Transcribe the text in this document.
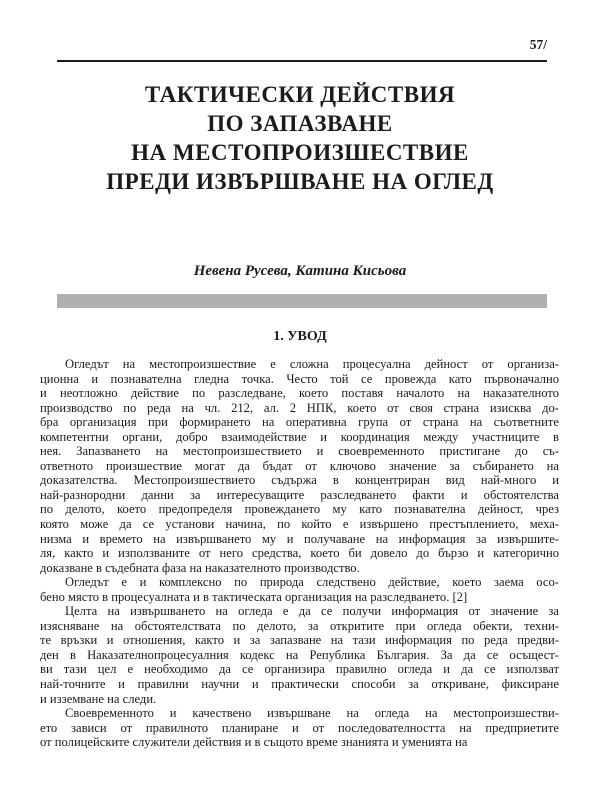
57/
ТАКТИЧЕСКИ ДЕЙСТВИЯ
ПО ЗАПАЗВАНЕ
НА МЕСТОПРОИЗШЕСТВИЕ
ПРЕДИ ИЗВЪРШВАНЕ НА ОГЛЕД
Невена Русева, Катина Кисьова
1. УВОД
Огледът на местопроизшествие е сложна процесуална дейност от организа-
ционна и познавателна гледна точка. Често той се провежда като първоначално
и неотложно действие по разследване, което поставя началото на наказателното
производство по реда на чл. 212, ал. 2 НПК, което от своя страна изисква до-
бра организация при формирането на оперативна група от страна на съответните
компетентни органи, добро взаимодействие и координация между участниците в
нея. Запазването на местопроизшествието и своевременното пристигане до съ-
ответното произшествие могат да бъдат от ключово значение за събирането на
доказателства. Местопроизшествието съдържа в концентриран вид най-много и
най-разнородни данни за интересуващите разследването факти и обстоятелства
по делото, което предопределя провеждането му като познавателна дейност, чрез
която може да се установи начина, по който е извършено престъплението, меха-
низма и времето на извършването му и получаване на информация за извършите-
ля, както и използваните от него средства, което би довело до бързо и категорично
доказване в съдебната фаза на наказателното производство.
Огледът е и комплексно по природа следствено действие, което заема осо-
бено място в процесуалната и в тактическата организация на разследването. [2]
Целта на извършването на огледа е да се получи информация от значение за
изясняване на обстоятелствата по делото, за откритите при огледа обекти, техни-
те връзки и отношения, както и за запазване на тази информация по реда предви-
ден в Наказателнопроцесуалния кодекс на Република България. За да се осъщест-
ви тази цел е необходимо да се организира правилно огледа и да се използват
най-точните и правилни научни и практически способи за откриване, фиксиране
и изземване на следи.
Своевременното и качествено извършване на огледа на местопроизшестви-
ето зависи от правилното планиране и от последователността на предприетите
от полицейските служители действия и в същото време знанията и уменията на
